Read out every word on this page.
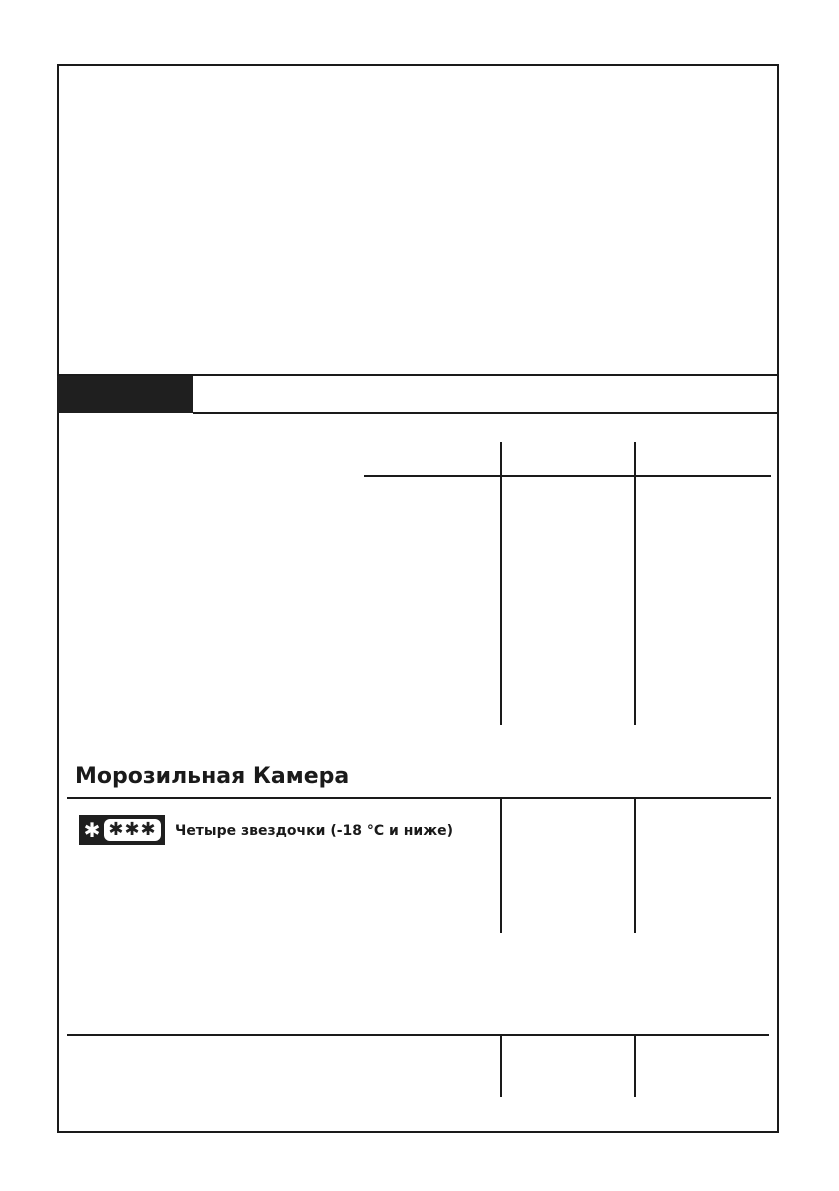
Морозильная Камера
✱ ✱✱✱	Четыре звездочки (-18 °C и ниже)
